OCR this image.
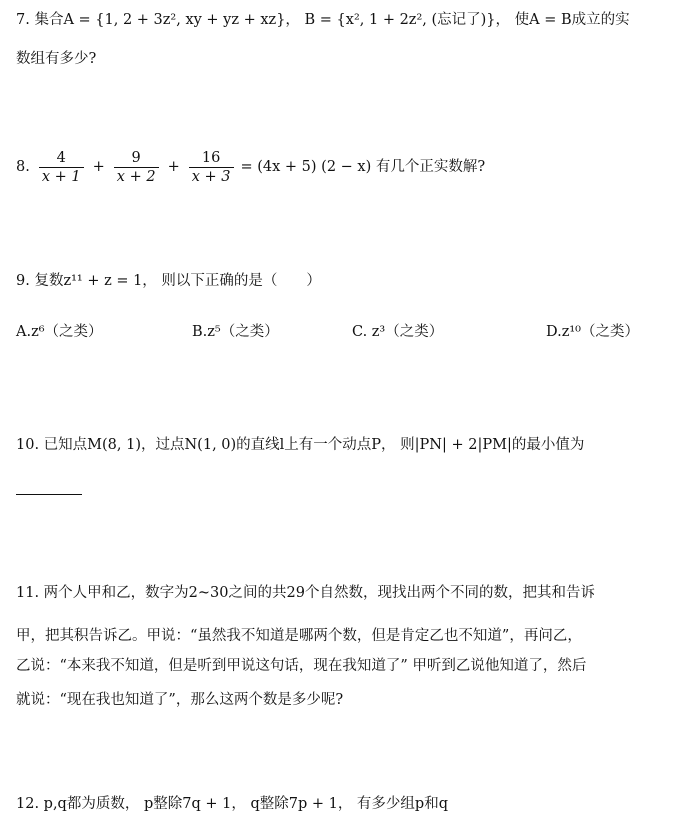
7. 集合A = {1, 2 + 3z², xy + yz + xz}， B = {x², 1 + 2z², (忘记了)}， 使A = B成立的实
数组有多少?
8. $\frac{4}{x + 1} + \frac{9}{x + 2} + \frac{16}{x + 3} = (4x + 5) (2 - x)$ 有几个正实数解?
9. 复数z¹¹ + z = 1， 则以下正确的是（　　）
A.z⁶（之类）	B.z⁵（之类）	C. z³（之类）	D.z¹⁰（之类）
10. 已知点M(8, 1)，过点N(1, 0)的直线l上有一个动点P， 则|PN| + 2|PM|的最小值为
11. 两个人甲和乙，数字为2~30之间的共29个自然数，现找出两个不同的数，把其和告诉
甲，把其积告诉乙。甲说：“虽然我不知道是哪两个数，但是肯定乙也不知道”，再问乙，
乙说：“本来我不知道，但是听到甲说这句话，现在我知道了” 甲听到乙说他知道了，然后
就说：“现在我也知道了”，那么这两个数是多少呢?
12. p,q都为质数， p整除7q + 1， q整除7p + 1， 有多少组p和q
